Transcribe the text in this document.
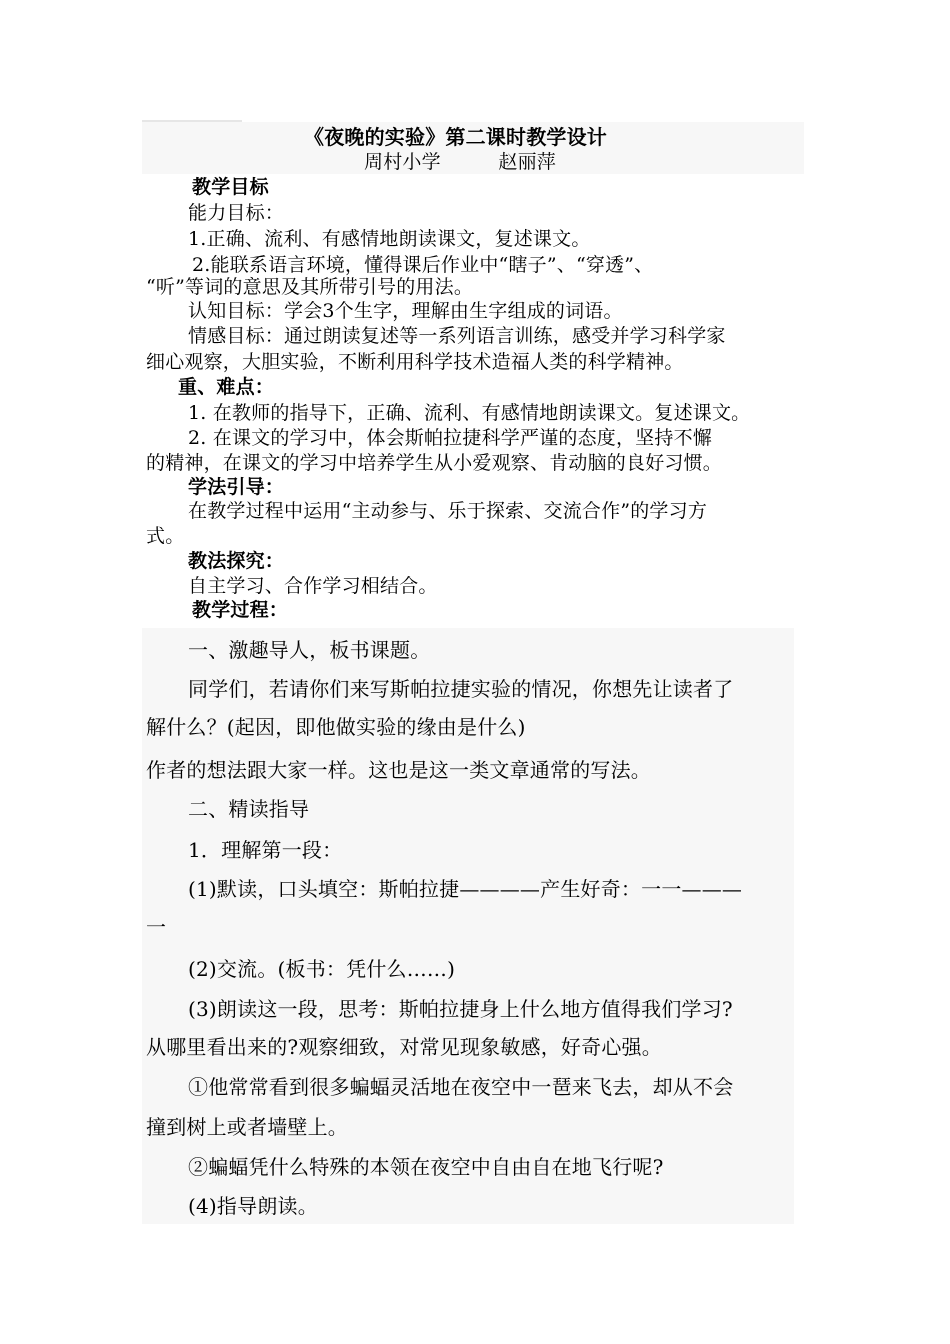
《夜晚的实验》第二课时教学设计
周村小学　　　赵丽萍
教学目标
能力目标：
1.正确、流利、有感情地朗读课文，复述课文。
2.能联系语言环境，懂得课后作业中“瞎子”、“穿透”、
“听”等词的意思及其所带引号的用法。
认知目标：学会3个生字，理解由生字组成的词语。
情感目标：通过朗读复述等一系列语言训练，感受并学习科学家
细心观察，大胆实验，不断利用科学技术造福人类的科学精神。
重、难点：
1. 在教师的指导下，正确、流利、有感情地朗读课文。复述课文。
2. 在课文的学习中，体会斯帕拉捷科学严谨的态度，坚持不懈
的精神，在课文的学习中培养学生从小爱观察、肯动脑的良好习惯。
学法引导：
在教学过程中运用“主动参与、乐于探索、交流合作”的学习方
式。
教法探究：
自主学习、合作学习相结合。
教学过程：
一、激趣导人，板书课题。
同学们，若请你们来写斯帕拉捷实验的情况，你想先让读者了
解什么？(起因，即他做实验的缘由是什么)
作者的想法跟大家一样。这也是这一类文章通常的写法。
二、精读指导
1．理解第一段：
(1)默读，口头填空：斯帕拉捷————产生好奇：一一———
一
(2)交流。(板书：凭什么……)
(3)朗读这一段，思考：斯帕拉捷身上什么地方值得我们学习?
从哪里看出来的?观察细致，对常见现象敏感，好奇心强。
①他常常看到很多蝙蝠灵活地在夜空中一琶来飞去，却从不会
撞到树上或者墙壁上。
②蝙蝠凭什么特殊的本领在夜空中自由自在地飞行呢?
(4)指导朗读。
